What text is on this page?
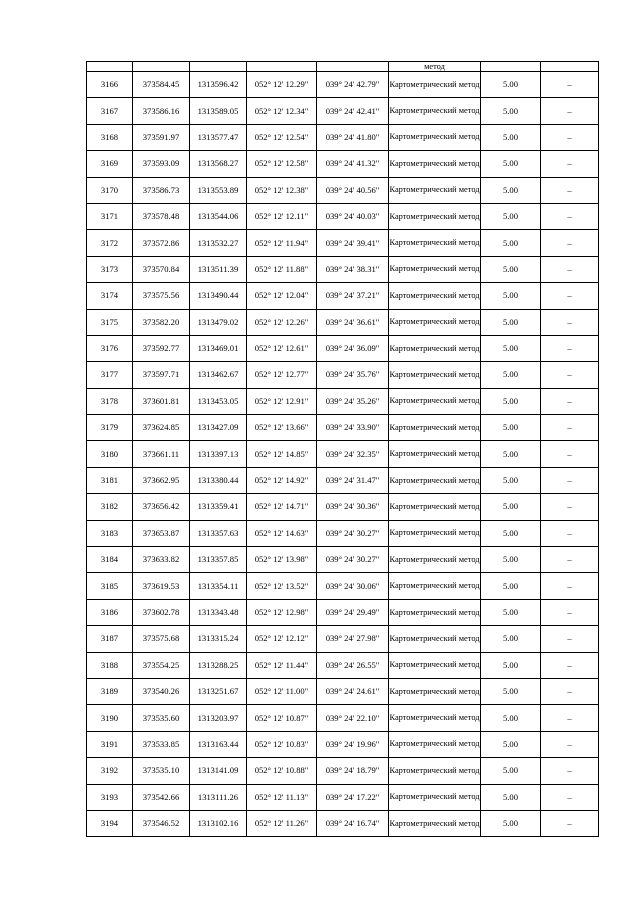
					метод		
3166	373584.45	1313596.42	052° 12' 12.29"	039° 24' 42.79"	Картометрический метод	5.00	–
3167	373586.16	1313589.05	052° 12' 12.34"	039° 24' 42.41"	Картометрический метод	5.00	–
3168	373591.97	1313577.47	052° 12' 12.54"	039° 24' 41.80"	Картометрический метод	5.00	–
3169	373593.09	1313568.27	052° 12' 12.58"	039° 24' 41.32"	Картометрический метод	5.00	–
3170	373586.73	1313553.89	052° 12' 12.38"	039° 24' 40.56"	Картометрический метод	5.00	–
3171	373578.48	1313544.06	052° 12' 12.11"	039° 24' 40.03"	Картометрический метод	5.00	–
3172	373572.86	1313532.27	052° 12' 11.94"	039° 24' 39.41"	Картометрический метод	5.00	–
3173	373570.84	1313511.39	052° 12' 11.88"	039° 24' 38.31"	Картометрический метод	5.00	–
3174	373575.56	1313490.44	052° 12' 12.04"	039° 24' 37.21"	Картометрический метод	5.00	–
3175	373582.20	1313479.02	052° 12' 12.26"	039° 24' 36.61"	Картометрический метод	5.00	–
3176	373592.77	1313469.01	052° 12' 12.61"	039° 24' 36.09"	Картометрический метод	5.00	–
3177	373597.71	1313462.67	052° 12' 12.77"	039° 24' 35.76"	Картометрический метод	5.00	–
3178	373601.81	1313453.05	052° 12' 12.91"	039° 24' 35.26"	Картометрический метод	5.00	–
3179	373624.85	1313427.09	052° 12' 13.66"	039° 24' 33.90"	Картометрический метод	5.00	–
3180	373661.11	1313397.13	052° 12' 14.85"	039° 24' 32.35"	Картометрический метод	5.00	–
3181	373662.95	1313380.44	052° 12' 14.92"	039° 24' 31.47"	Картометрический метод	5.00	–
3182	373656.42	1313359.41	052° 12' 14.71"	039° 24' 30.36"	Картометрический метод	5.00	–
3183	373653.87	1313357.63	052° 12' 14.63"	039° 24' 30.27"	Картометрический метод	5.00	–
3184	373633.82	1313357.85	052° 12' 13.98"	039° 24' 30.27"	Картометрический метод	5.00	–
3185	373619.53	1313354.11	052° 12' 13.52"	039° 24' 30.06"	Картометрический метод	5.00	–
3186	373602.78	1313343.48	052° 12' 12.98"	039° 24' 29.49"	Картометрический метод	5.00	–
3187	373575.68	1313315.24	052° 12' 12.12"	039° 24' 27.98"	Картометрический метод	5.00	–
3188	373554.25	1313288.25	052° 12' 11.44"	039° 24' 26.55"	Картометрический метод	5.00	–
3189	373540.26	1313251.67	052° 12' 11.00"	039° 24' 24.61"	Картометрический метод	5.00	–
3190	373535.60	1313203.97	052° 12' 10.87"	039° 24' 22.10"	Картометрический метод	5.00	–
3191	373533.85	1313163.44	052° 12' 10.83"	039° 24' 19.96"	Картометрический метод	5.00	–
3192	373535.10	1313141.09	052° 12' 10.88"	039° 24' 18.79"	Картометрический метод	5.00	–
3193	373542.66	1313111.26	052° 12' 11.13"	039° 24' 17.22"	Картометрический метод	5.00	–
3194	373546.52	1313102.16	052° 12' 11.26"	039° 24' 16.74"	Картометрический метод	5.00	–
